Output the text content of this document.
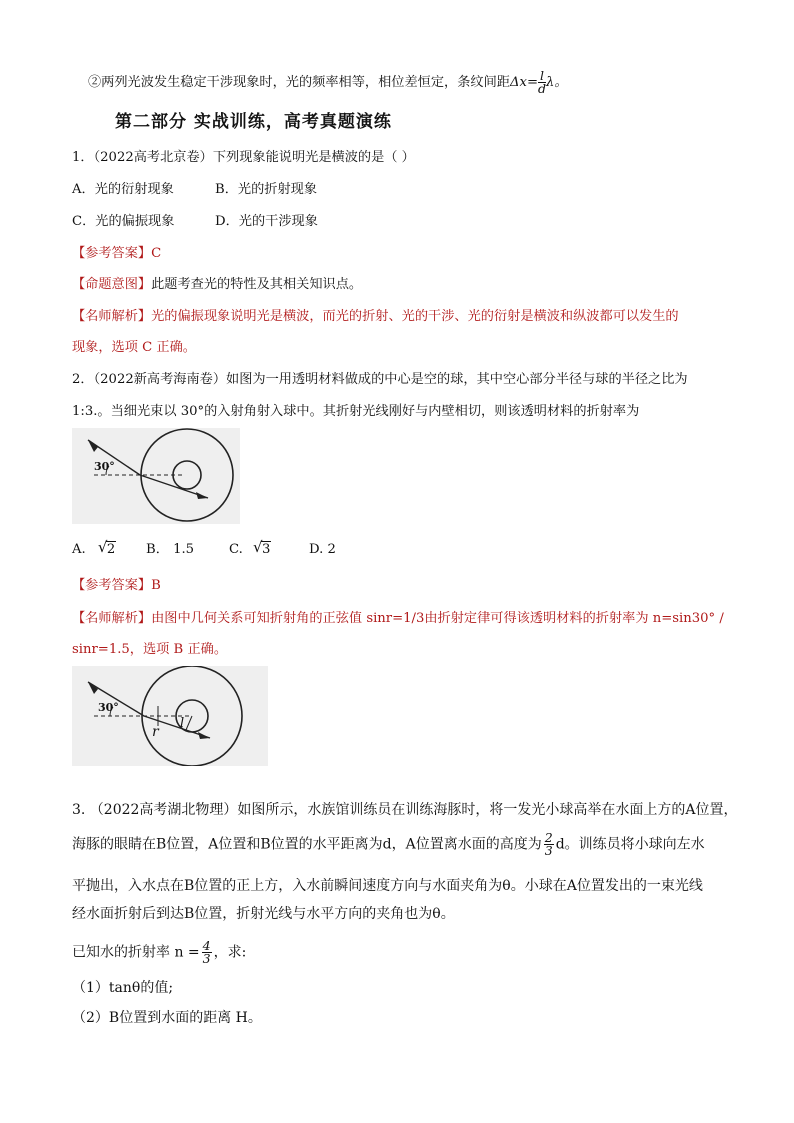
②两列光波发生稳定干涉现象时，光的频率相等，相位差恒定，条纹间距$\Delta x= \frac{l}{d}$ λ。
第二部分 实战训练，高考真题演练
1．（2022高考北京卷）下列现象能说明光是横波的是（ ）
A．光的衍射现象	B．光的折射现象
C．光的偏振现象	D．光的干涉现象
【参考答案】C
【命题意图】此题考查光的特性及其相关知识点。
【名师解析】光的偏振现象说明光是横波，而光的折射、光的干涉、光的衍射是横波和纵波都可以发生的
现象，选项 C 正确。
2．（2022新高考海南卷）如图为一用透明材料做成的中心是空的球，其中空心部分半径与球的半径之比为
1:3.。当细光束以 30°的入射角射入球中。其折射光线刚好与内壁相切，则该透明材料的折射率为
30°
A. √ 2 B． 1.5	C. √ 3	D. 2
【参考答案】B
【名师解析】由图中几何关系可知折射角的正弦值 sinr=1/3由折射定律可得该透明材料的折射率为 n=sin30° /
sinr=1.5，选项 B 正确。
30°
r
l
3. （2022高考湖北物理）如图所示，水族馆训练员在训练海豚时，将一发光小球高举在水面上方的A位置，
海豚的眼睛在B位置，A位置和B位置的水平距离为d，A位置离水面的高度为 $\frac{2}{3}$ d。训练员将小球向左水
平抛出，入水点在B位置的正上方，入水前瞬间速度方向与水面夹角为θ。小球在A位置发出的一束光线
经水面折射后到达B位置，折射光线与水平方向的夹角也为θ。
已知水的折射率 $n = \frac{4}{3}$ ，求:
（1）tanθ的值;
（2）B位置到水面的距离 H。
